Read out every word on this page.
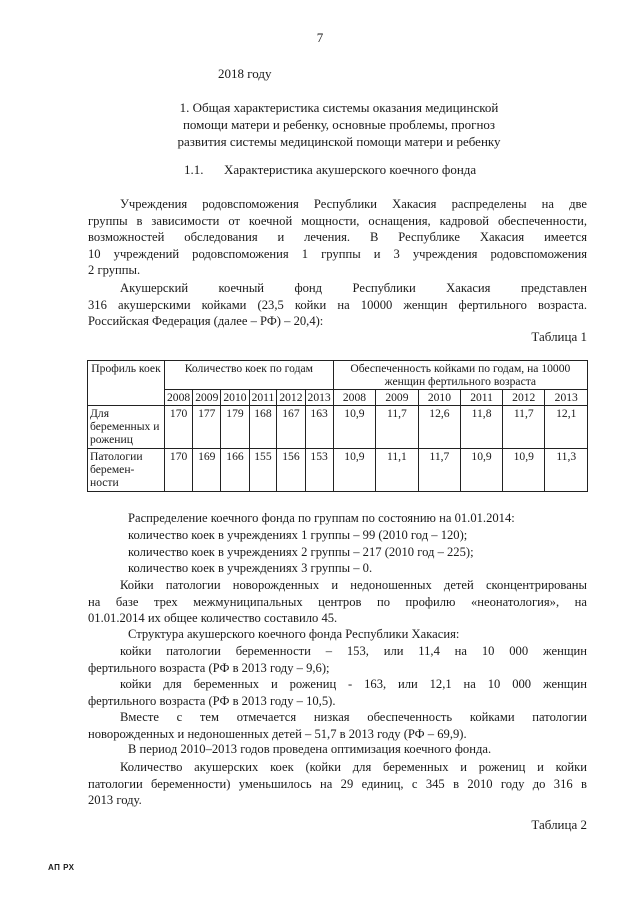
7
2018 году
1. Общая характеристика системы оказания медицинской
помощи матери и ребенку, основные проблемы, прогноз
развития системы медицинской помощи матери и ребенку
1.1. Характеристика акушерского коечного фонда
Учреждения родовспоможения Республики Хакасия распределены на две
группы в зависимости от коечной мощности, оснащения, кадровой обеспеченности,
возможностей обследования и лечения. В Республике Хакасия имеется
10 учреждений родовспоможения 1 группы и 3 учреждения родовспоможения
2 группы.
Акушерский коечный фонд Республики Хакасия представлен
316 акушерскими койками (23,5 койки на 10000 женщин фертильного возраста.
Российская Федерация (далее – РФ) – 20,4):
Таблица 1
Профиль коек	Количество коек по годам						Обеспеченность койками по годам, на 10000 женщин фертильного возраста					
	2008	2009	2010	2011	2012	2013	2008	2009	2010	2011	2012	2013
Для беременных и рожениц	170	177	179	168	167	163	10,9	11,7	12,6	11,8	11,7	12,1
Патологии беремен-ности	170	169	166	155	156	153	10,9	11,1	11,7	10,9	10,9	11,3
Распределение коечного фонда по группам по состоянию на 01.01.2014:
количество коек в учреждениях 1 группы – 99 (2010 год – 120);
количество коек в учреждениях 2 группы – 217 (2010 год – 225);
количество коек в учреждениях 3 группы – 0.
Койки патологии новорожденных и недоношенных детей сконцентрированы
на базе трех межмуниципальных центров по профилю «неонатология», на
01.01.2014 их общее количество составило 45.
Структура акушерского коечного фонда Республики Хакасия:
койки патологии беременности – 153, или 11,4 на 10 000 женщин
фертильного возраста (РФ в 2013 году – 9,6);
койки для беременных и рожениц - 163, или 12,1 на 10 000 женщин
фертильного возраста (РФ в 2013 году – 10,5).
Вместе с тем отмечается низкая обеспеченность койками патологии
новорожденных и недоношенных детей – 51,7 в 2013 году (РФ – 69,9).
В период 2010–2013 годов проведена оптимизация коечного фонда.
Количество акушерских коек (койки для беременных и рожениц и койки
патологии беременности) уменьшилось на 29 единиц, с 345 в 2010 году до 316 в
2013 году.
Таблица 2
АП РХ
